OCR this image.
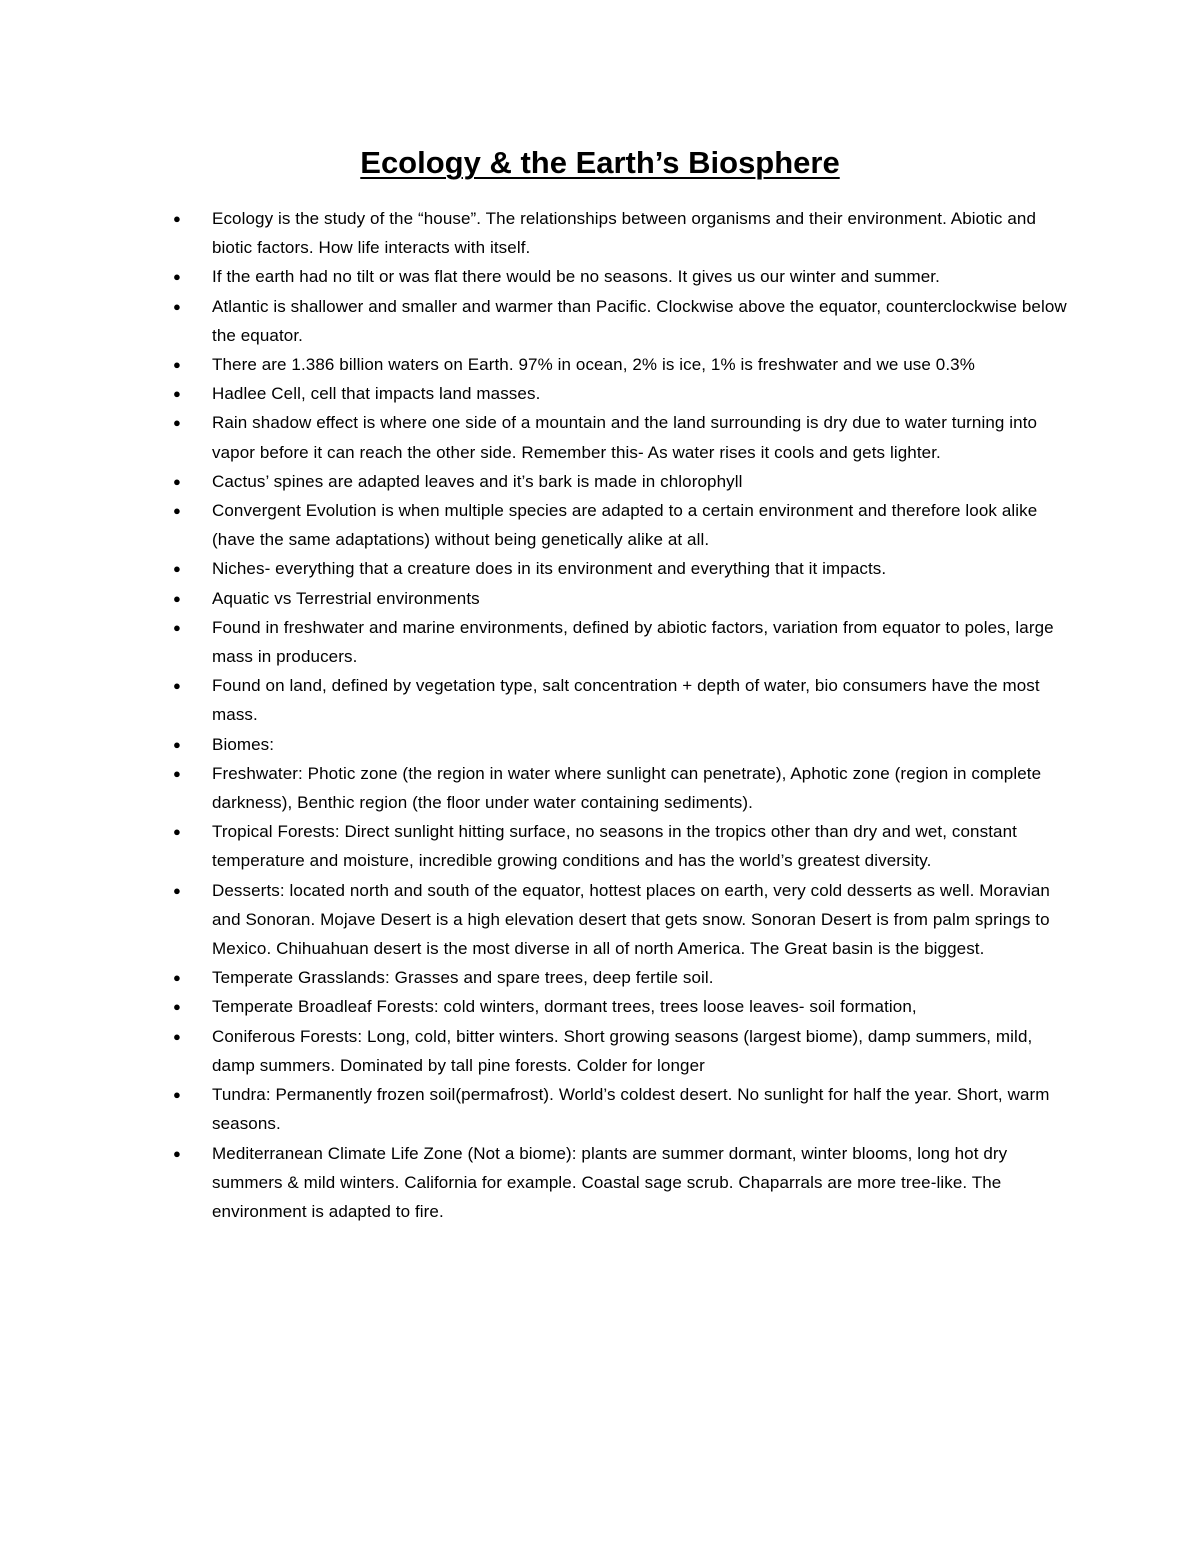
Ecology & the Earth’s Biosphere
● Ecology is the study of the “house”. The relationships between organisms and their environment. Abiotic and biotic factors. How life interacts with itself.
● If the earth had no tilt or was flat there would be no seasons. It gives us our winter and summer.
● Atlantic is shallower and smaller and warmer than Pacific. Clockwise above the equator, counterclockwise below the equator.
● There are 1.386 billion waters on Earth. 97% in ocean, 2% is ice, 1% is freshwater and we use 0.3%
● Hadlee Cell, cell that impacts land masses.
● Rain shadow effect is where one side of a mountain and the land surrounding is dry due to water turning into vapor before it can reach the other side. Remember this- As water rises it cools and gets lighter.
● Cactus’ spines are adapted leaves and it’s bark is made in chlorophyll
● Convergent Evolution is when multiple species are adapted to a certain environment and therefore look alike (have the same adaptations) without being genetically alike at all.
● Niches- everything that a creature does in its environment and everything that it impacts.
● Aquatic vs Terrestrial environments
● Found in freshwater and marine environments, defined by abiotic factors, variation from equator to poles, large mass in producers.
● Found on land, defined by vegetation type, salt concentration + depth of water, bio consumers have the most mass.
● Biomes:
● Freshwater: Photic zone (the region in water where sunlight can penetrate), Aphotic zone (region in complete darkness), Benthic region (the floor under water containing sediments).
● Tropical Forests: Direct sunlight hitting surface, no seasons in the tropics other than dry and wet, constant temperature and moisture, incredible growing conditions and has the world’s greatest diversity.
● Desserts: located north and south of the equator, hottest places on earth, very cold desserts as well. Moravian and Sonoran. Mojave Desert is a high elevation desert that gets snow. Sonoran Desert is from palm springs to Mexico. Chihuahuan desert is the most diverse in all of north America. The Great basin is the biggest.
● Temperate Grasslands: Grasses and spare trees, deep fertile soil.
● Temperate Broadleaf Forests: cold winters, dormant trees, trees loose leaves- soil formation,
● Coniferous Forests: Long, cold, bitter winters. Short growing seasons (largest biome), damp summers, mild, damp summers. Dominated by tall pine forests. Colder for longer
● Tundra: Permanently frozen soil(permafrost). World’s coldest desert. No sunlight for half the year. Short, warm seasons.
● Mediterranean Climate Life Zone (Not a biome): plants are summer dormant, winter blooms, long hot dry summers & mild winters. California for example. Coastal sage scrub. Chaparrals are more tree-like. The environment is adapted to fire.
